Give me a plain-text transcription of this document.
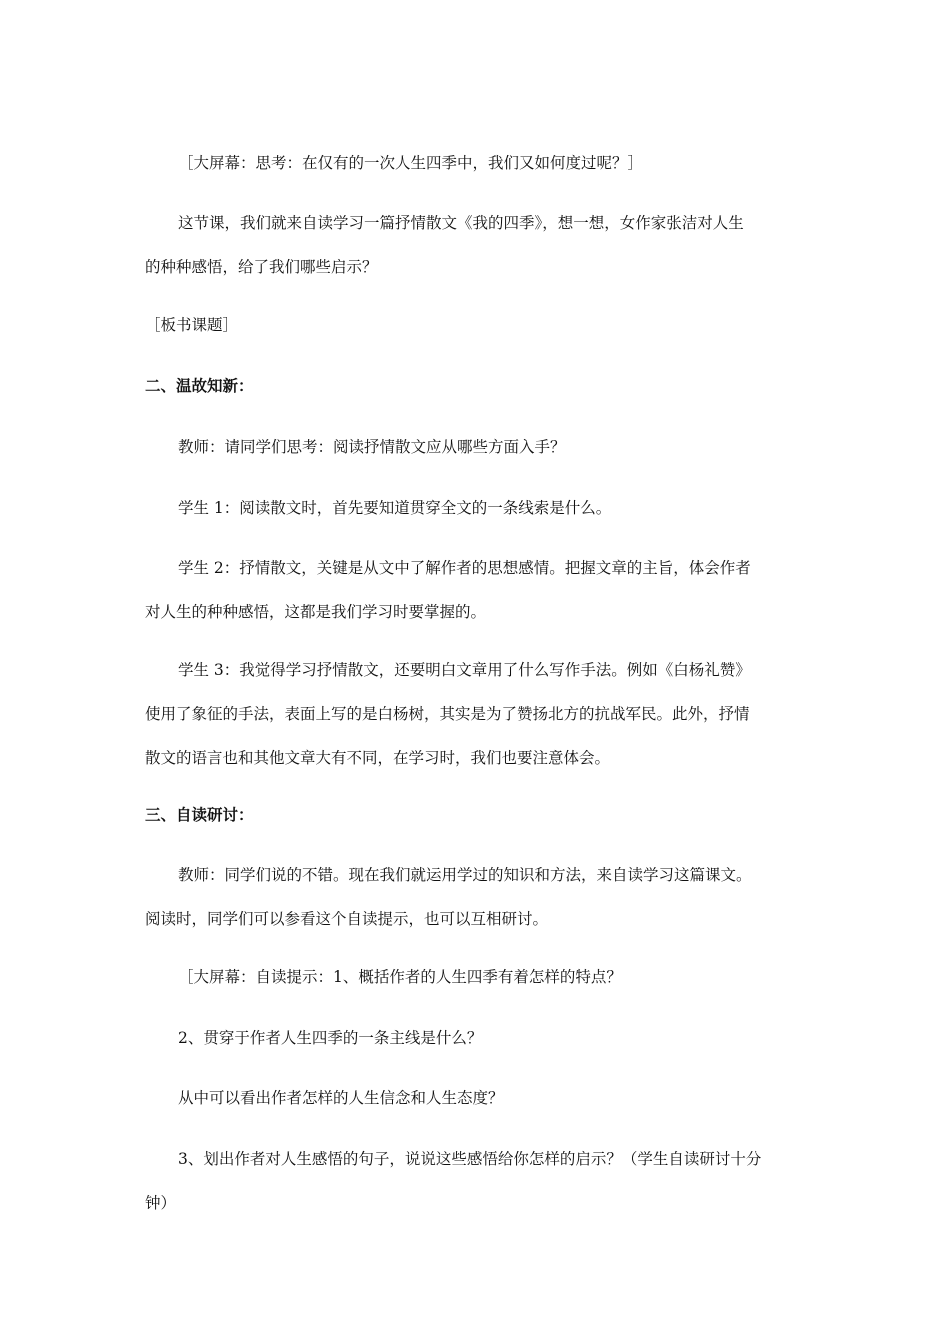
［大屏幕：思考：在仅有的一次人生四季中，我们又如何度过呢？］

这节课，我们就来自读学习一篇抒情散文《我的四季》，想一想，女作家张洁对人生
的种种感悟，给了我们哪些启示？

［板书课题］

二、温故知新：

教师：请同学们思考：阅读抒情散文应从哪些方面入手？

学生 1：阅读散文时，首先要知道贯穿全文的一条线索是什么。

学生 2：抒情散文，关键是从文中了解作者的思想感情。把握文章的主旨，体会作者
对人生的种种感悟，这都是我们学习时要掌握的。

学生 3：我觉得学习抒情散文，还要明白文章用了什么写作手法。例如《白杨礼赞》
使用了象征的手法，表面上写的是白杨树，其实是为了赞扬北方的抗战军民。此外，抒情
散文的语言也和其他文章大有不同，在学习时，我们也要注意体会。

三、自读研讨：

教师：同学们说的不错。现在我们就运用学过的知识和方法，来自读学习这篇课文。
阅读时，同学们可以参看这个自读提示，也可以互相研讨。

［大屏幕：自读提示：1、概括作者的人生四季有着怎样的特点？

2、贯穿于作者人生四季的一条主线是什么？

从中可以看出作者怎样的人生信念和人生态度？

3、划出作者对人生感悟的句子，说说这些感悟给你怎样的启示？（学生自读研讨十分
钟）
